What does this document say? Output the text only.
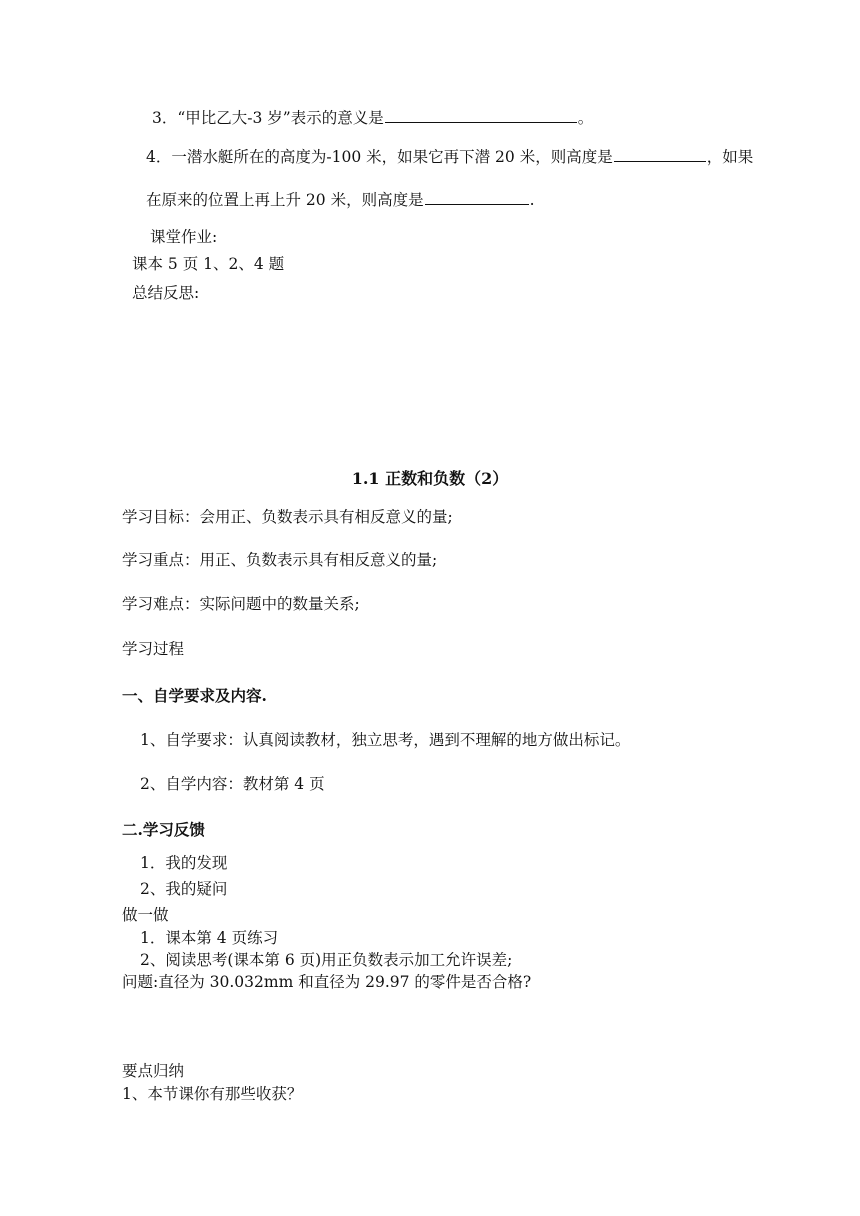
3．“甲比乙大-3 岁”表示的意义是	。
4．一潜水艇所在的高度为-100 米，如果它再下潜 20 米，则高度是	，如果
在原来的位置上再上升 20 米，则高度是	.
课堂作业:
课本 5 页 1、2、4 题
总结反思:
1.1 正数和负数（2）
学习目标：会用正、负数表示具有相反意义的量;
学习重点：用正、负数表示具有相反意义的量;
学习难点：实际问题中的数量关系;
学习过程
一、自学要求及内容.
1、自学要求：认真阅读教材，独立思考，遇到不理解的地方做出标记。
2、自学内容：教材第 4 页
二.学习反馈
1．我的发现
2、我的疑问
做一做
1．课本第 4 页练习
2、阅读思考(课本第 6 页)用正负数表示加工允许误差;
问题:直径为 30.032mm 和直径为 29.97 的零件是否合格?
要点归纳
1、本节课你有那些收获？
